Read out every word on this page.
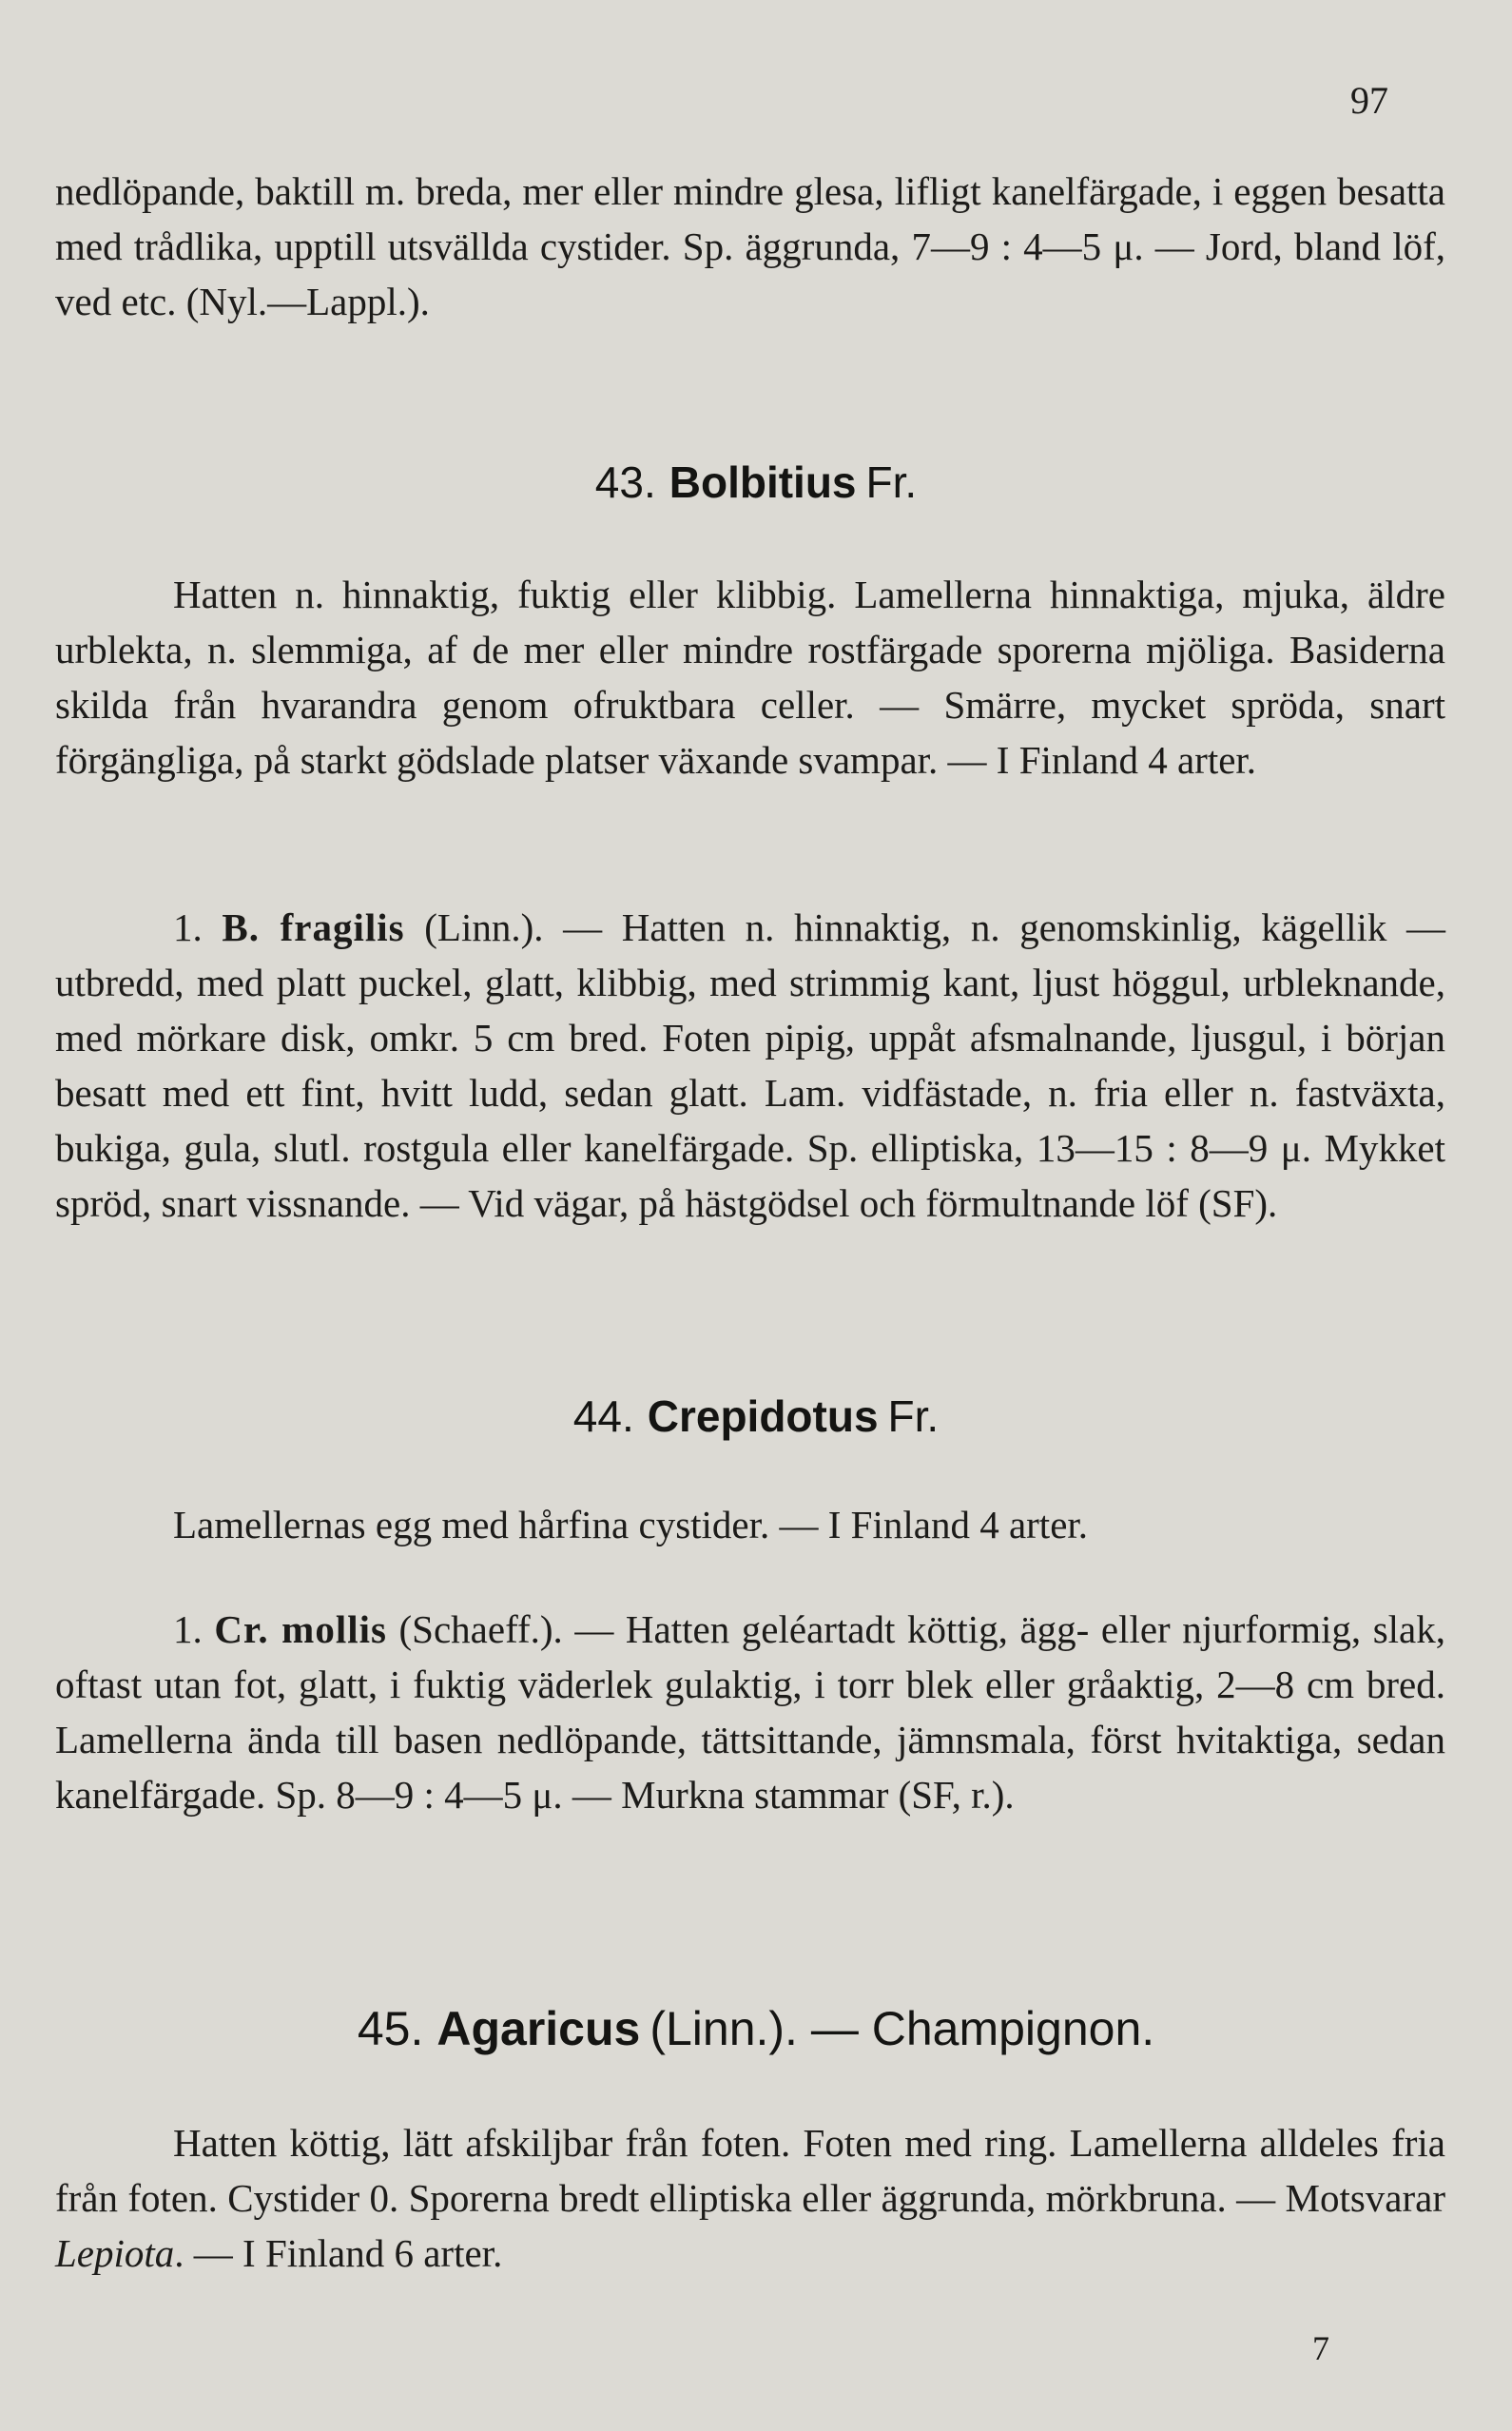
97

nedlöpande, baktill m. breda, mer eller mindre glesa, lifligt kanelfärgade, i eggen besatta med trådlika, upptill utsvällda cystider. Sp. äggrunda, 7—9 : 4—5 μ. — Jord, bland löf, ved etc. (Nyl.—Lappl.).

43. Bolbitius Fr.

Hatten n. hinnaktig, fuktig eller klibbig. Lamellerna hinnaktiga, mjuka, äldre urblekta, n. slemmiga, af de mer eller mindre rostfärgade sporerna mjöliga. Basiderna skilda från hvarandra genom ofruktbara celler. — Smärre, mycket spröda, snart förgängliga, på starkt gödslade platser växande svampar. — I Finland 4 arter.

1. B. fragilis (Linn.). — Hatten n. hinnaktig, n. genomskinlig, kägellik — utbredd, med platt puckel, glatt, klibbig, med strimmig kant, ljust höggul, urbleknande, med mörkare disk, omkr. 5 cm bred. Foten pipig, uppåt afsmalnande, ljusgul, i början besatt med ett fint, hvitt ludd, sedan glatt. Lam. vidfästade, n. fria eller n. fastväxta, bukiga, gula, slutl. rostgula eller kanelfärgade. Sp. elliptiska, 13—15 : 8—9 μ. Mykket spröd, snart vissnande. — Vid vägar, på hästgödsel och förmultnande löf (SF).

44. Crepidotus Fr.

Lamellernas egg med hårfina cystider. — I Finland 4 arter.

1. Cr. mollis (Schaeff.). — Hatten geléartadt köttig, ägg- eller njurformig, slak, oftast utan fot, glatt, i fuktig väderlek gulaktig, i torr blek eller gråaktig, 2—8 cm bred. Lamellerna ända till basen nedlöpande, tättsittande, jämnsmala, först hvitaktiga, sedan kanelfärgade. Sp. 8—9 : 4—5 μ. — Murkna stammar (SF, r.).

45. Agaricus (Linn.). — Champignon.

Hatten köttig, lätt afskiljbar från foten. Foten med ring. Lamellerna alldeles fria från foten. Cystider 0. Sporerna bredt elliptiska eller äggrunda, mörkbruna. — Motsvarar Lepiota. — I Finland 6 arter.

7
